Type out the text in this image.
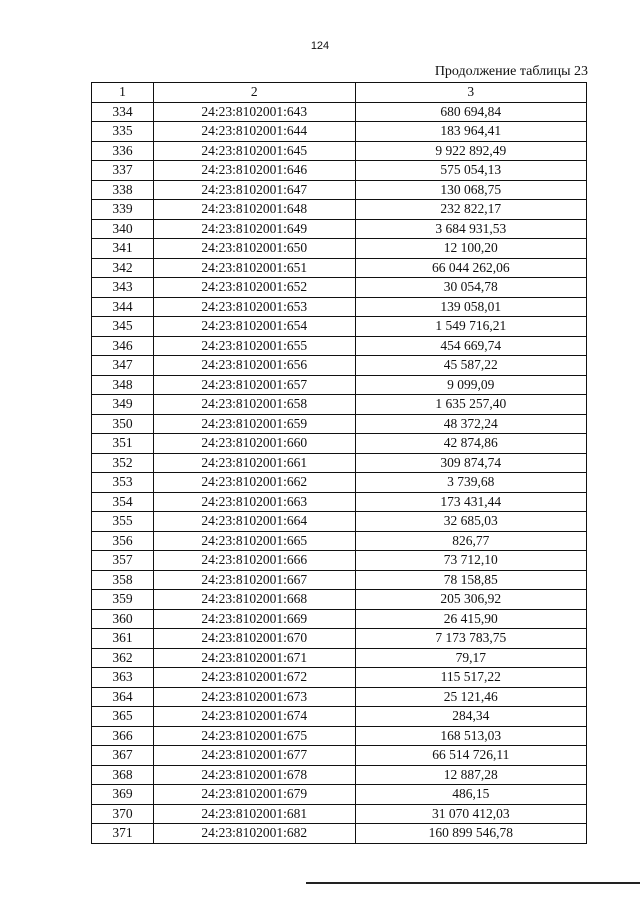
124
Продолжение таблицы 23
1	2	3
334	24:23:8102001:643	680 694,84
335	24:23:8102001:644	183 964,41
336	24:23:8102001:645	9 922 892,49
337	24:23:8102001:646	575 054,13
338	24:23:8102001:647	130 068,75
339	24:23:8102001:648	232 822,17
340	24:23:8102001:649	3 684 931,53
341	24:23:8102001:650	12 100,20
342	24:23:8102001:651	66 044 262,06
343	24:23:8102001:652	30 054,78
344	24:23:8102001:653	139 058,01
345	24:23:8102001:654	1 549 716,21
346	24:23:8102001:655	454 669,74
347	24:23:8102001:656	45 587,22
348	24:23:8102001:657	9 099,09
349	24:23:8102001:658	1 635 257,40
350	24:23:8102001:659	48 372,24
351	24:23:8102001:660	42 874,86
352	24:23:8102001:661	309 874,74
353	24:23:8102001:662	3 739,68
354	24:23:8102001:663	173 431,44
355	24:23:8102001:664	32 685,03
356	24:23:8102001:665	826,77
357	24:23:8102001:666	73 712,10
358	24:23:8102001:667	78 158,85
359	24:23:8102001:668	205 306,92
360	24:23:8102001:669	26 415,90
361	24:23:8102001:670	7 173 783,75
362	24:23:8102001:671	79,17
363	24:23:8102001:672	115 517,22
364	24:23:8102001:673	25 121,46
365	24:23:8102001:674	284,34
366	24:23:8102001:675	168 513,03
367	24:23:8102001:677	66 514 726,11
368	24:23:8102001:678	12 887,28
369	24:23:8102001:679	486,15
370	24:23:8102001:681	31 070 412,03
371	24:23:8102001:682	160 899 546,78
